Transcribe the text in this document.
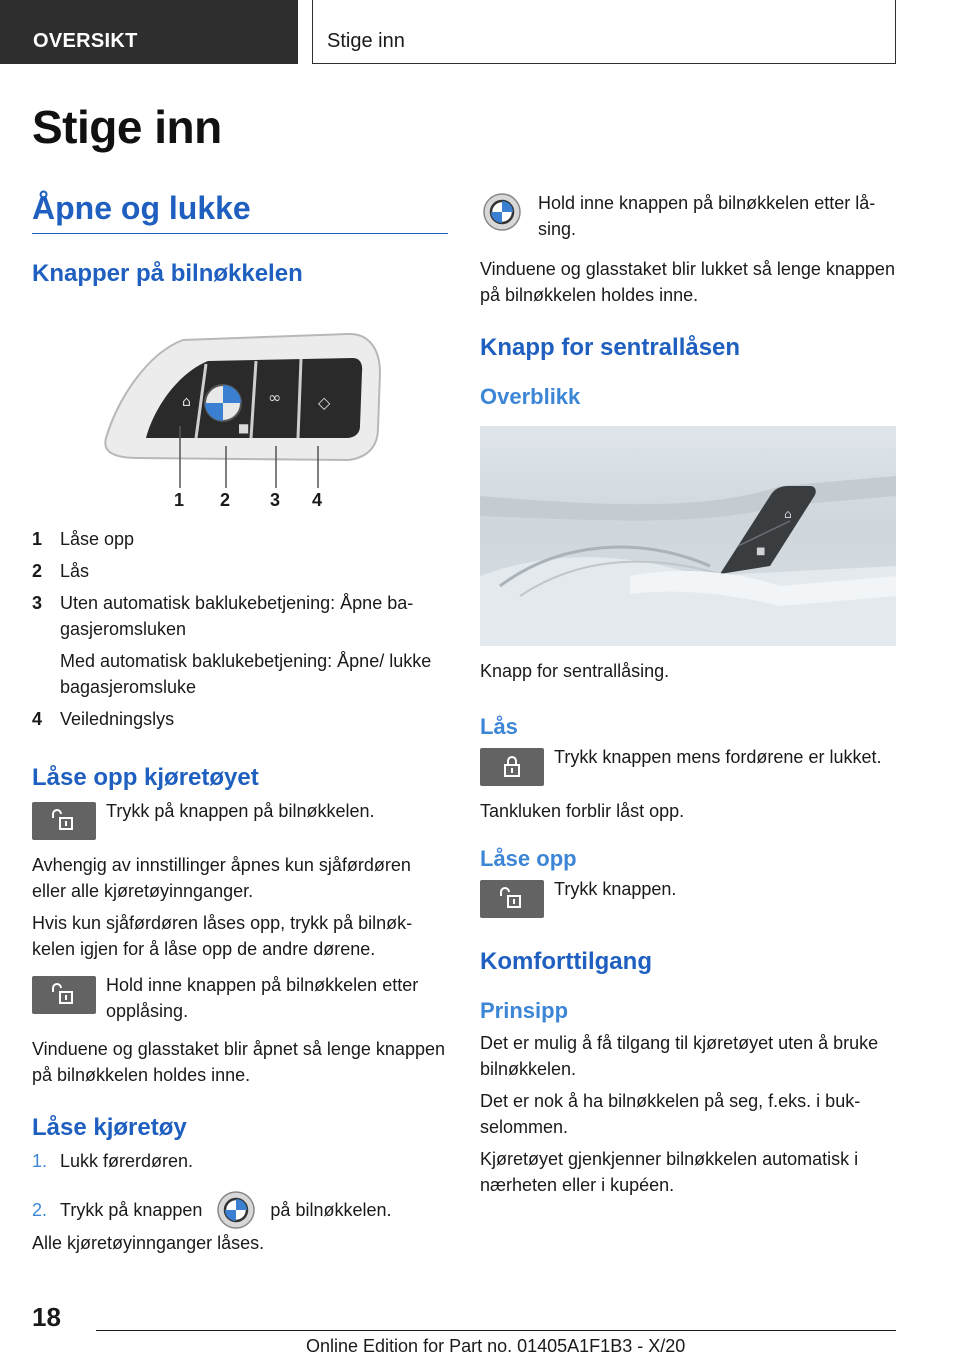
OVERSIKT	Stige inn
Stige inn
Åpne og lukke
Knapper på bilnøkkelen
⌂
■
∞ ◇
1 2 3 4
1 Låse opp
2 Lås
3 Uten automatisk baklukebetjening: Åpne bagasjeromsluken
Med automatisk baklukebetjening: Åpne/ lukke bagasjeromsluke
4 Veiledningslys
Låse opp kjøretøyet

Trykk på knappen på bilnøkkelen.

Avhengig av innstillinger åpnes kun sjåførdøren eller alle kjøretøyinnganger.

Hvis kun sjåførdøren låses opp, trykk på bilnøkkelen igjen for å låse opp de andre dørene.

Hold inne knappen på bilnøkkelen etter opplåsing.

Vinduene og glasstaket blir åpnet så lenge knappen på bilnøkkelen holdes inne.

Låse kjøretøy
1. Lukk førerdøren.
2. Trykk på knappen	på bilnøkkelen.

Alle kjøretøyinnganger låses.

Hold inne knappen på bilnøkkelen etter låsing.

Vinduene og glasstaket blir lukket så lenge knappen på bilnøkkelen holdes inne.

Knapp for sentrallåsen
Overblikk
⌂
■

Knapp for sentrallåsing.

Lås

Trykk knappen mens fordørene er lukket.

Tankluken forblir låst opp.

Låse opp

Trykk knappen.

Komforttilgang
Prinsipp

Det er mulig å få tilgang til kjøretøyet uten å bruke bilnøkkelen.

Det er nok å ha bilnøkkelen på seg, f.eks. i bukselommen.

Kjøretøyet gjenkjenner bilnøkkelen automatisk i nærheten eller i kupéen.

18
Online Edition for Part no. 01405A1F1B3 - X/20
